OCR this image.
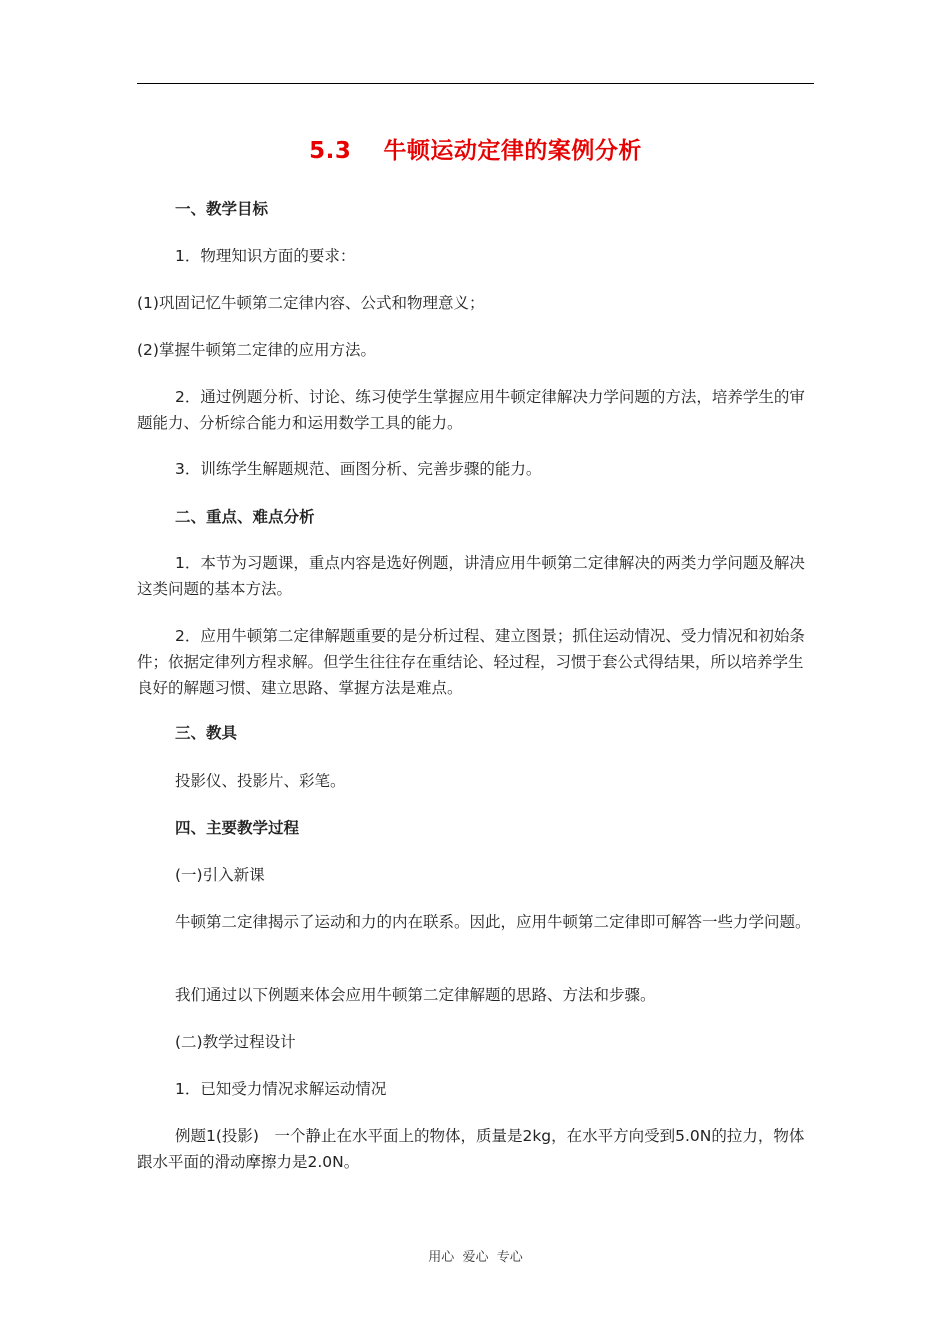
5.3　 牛顿运动定律的案例分析

一、教学目标

1．物理知识方面的要求：

(1)巩固记忆牛顿第二定律内容、公式和物理意义；

(2)掌握牛顿第二定律的应用方法。

2．通过例题分析、讨论、练习使学生掌握应用牛顿定律解决力学问题的方法，培养学生的审题能力、分析综合能力和运用数学工具的能力。

3．训练学生解题规范、画图分析、完善步骤的能力。

二、重点、难点分析

1．本节为习题课，重点内容是选好例题，讲清应用牛顿第二定律解决的两类力学问题及解决这类问题的基本方法。

2．应用牛顿第二定律解题重要的是分析过程、建立图景；抓住运动情况、受力情况和初始条件；依据定律列方程求解。但学生往往存在重结论、轻过程，习惯于套公式得结果，所以培养学生良好的解题习惯、建立思路、掌握方法是难点。

三、教具

投影仪、投影片、彩笔。

四、主要教学过程

(一)引入新课

牛顿第二定律揭示了运动和力的内在联系。因此，应用牛顿第二定律即可解答一些力学问题。

我们通过以下例题来体会应用牛顿第二定律解题的思路、方法和步骤。

(二)教学过程设计

1．已知受力情况求解运动情况

例题1(投影)　一个静止在水平面上的物体，质量是2kg，在水平方向受到5.0N的拉力，物体跟水平面的滑动摩擦力是2.0N。

用心  爱心  专心
